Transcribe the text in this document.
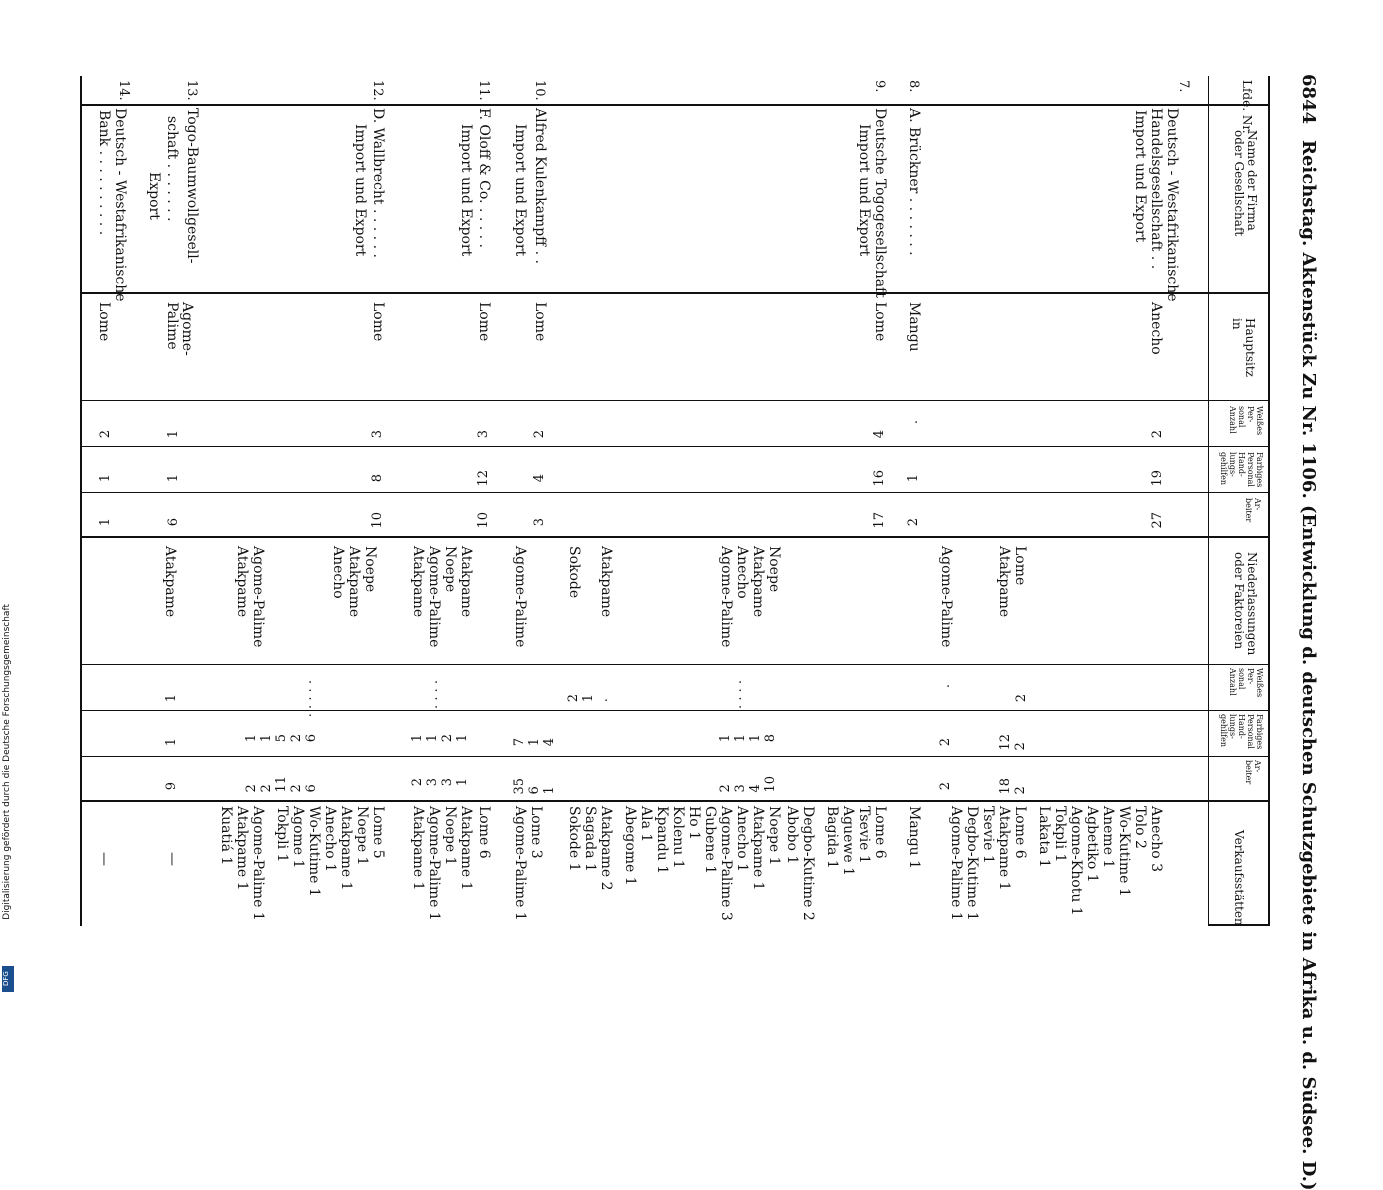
6844
Reichstag. Aktenstück Zu Nr. 1106. (Entwicklung d. deutschen Schutzgebiete in Afrika u. d. Südsee. D.)
Lfde. Nr.
Name der Firma oder Gesellschaft
Hauptsitz in
Weißes Per-sonal Anzahl
Farbiges Personal Hand-lungs-gehilfen
Ar-beiter
Niederlassungen oder Faktoreien
Weißes Per-sonal Anzahl
Farbiges Personal Hand-lungs-gehilfen
Ar-beiter
Verkaufsstätten
7.
Deutsch - Westafrikanische
Handelsgesellschaft . .
Import und Export
Anecho
2
19
27
Lome
Atakpame
2
12
2
18
2
Anecho 3
Tolo 2
Wo-Kutime 1
Aneme 1
Agbetiko 1
Agome-Khotu 1
Tokpli 1
Lakata 1
Lome 6
Atakpame 1
Tsevie 1
Degbo-Kutime 1
Agome-Palime 1
8.
A. Brückner . . . . . . .
Mangu
.
1
2
Agome-Palime
.
2
2
Mangu 1
9.
Deutsche Togogesellschaft
Import und Export
Lome
4
16
17
Noepe
Atakpame
Anecho
Agome-Palime
. . . .
1
1
1
8
2
3
4
10
Lome 6
Tsevie 1
Aguewe 1
Bagida 1
Degbo-Kutime 2
Abobo 1
Noepe 1
Atakpame 1
Anecho 1
Agome-Palime 3
Gubene 1
Ho 1
Kolenu 1
Kpandu 1
Ala 1
Abegome 1
10.
Alfred Kulenkampff . .
Import und Export
Lome
2
4
3
Atakpame
Sokode
Agome-Palime
2
1
.
7
1
4
35
6
1
Atakpame 2
Sagada 1
Sokode 1
Lome 3
Agome-Palime 1
11.
F. Oloff & Co. . . . . .
Import und Export
Lome
3
12
10
Atakpame
Noepe
Agome-Palime
Atakpame
. . . .
1
1
2
1
2
3
3
1
Lome 6
Atakpame 1
Noepe 1
Agome-Palime 1
Atakpame 1
12.
D. Wallbrecht . . . . . .
Import und Export
Lome
3
8
10
Noepe
Atakpame
Anecho
Agome-Palime
Atakpame
. . . . .
1
1
5
2
6
2
2
11
2
6
Lome 5
Noepe 1
Atakpame 1
Anecho 1
Wo-Kutime 1
Agome 1
Tokpli 1
Agome-Palime 1
Atakpame 1
Kuatiá 1
13.
Togo-Baumwollgesell-
schaft . . . . . . .
Export
Agome-Palime
1
1
6
Atakpame
1
1
9
—
14.
Deutsch - Westafrikanische
Bank . . . . . . . . . .
Lome
2
1
1
—
Digitalisierung gefördert durch die Deutsche Forschungsgemeinschaft
DFG
